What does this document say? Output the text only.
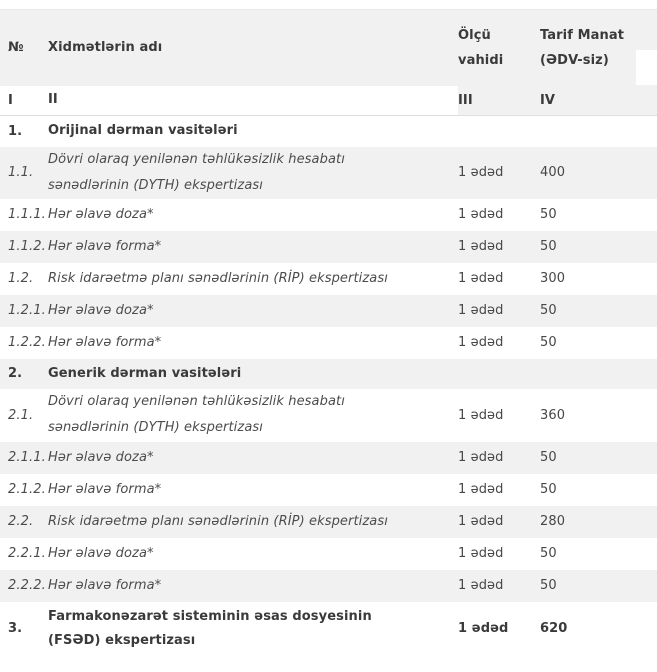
№	Xidmətlərin adı	Ölçü vahidi	Tarif Manat (ƏDV-siz)
I	II	III	IV
1.	Orijinal dərman vasitələri		
1.1.	Dövri olaraq yenilənən təhlükəsizlik hesabatı sənədlərinin (DYTH) ekspertizası	1 ədəd	400
1.1.1.	Hər əlavə doza*	1 ədəd	50
1.1.2.	Hər əlavə forma*	1 ədəd	50
1.2.	Risk idarəetmə planı sənədlərinin (RİP) ekspertizası	1 ədəd	300
1.2.1.	Hər əlavə doza*	1 ədəd	50
1.2.2.	Hər əlavə forma*	1 ədəd	50
2.	Generik dərman vasitələri		
2.1.	Dövri olaraq yenilənən təhlükəsizlik hesabatı sənədlərinin (DYTH) ekspertizası	1 ədəd	360
2.1.1.	Hər əlavə doza*	1 ədəd	50
2.1.2.	Hər əlavə forma*	1 ədəd	50
2.2.	Risk idarəetmə planı sənədlərinin (RİP) ekspertizası	1 ədəd	280
2.2.1.	Hər əlavə doza*	1 ədəd	50
2.2.2.	Hər əlavə forma*	1 ədəd	50
3.	Farmakonəzarət sisteminin əsas dosyesinin (FSƏD) ekspertizası	1 ədəd	620
